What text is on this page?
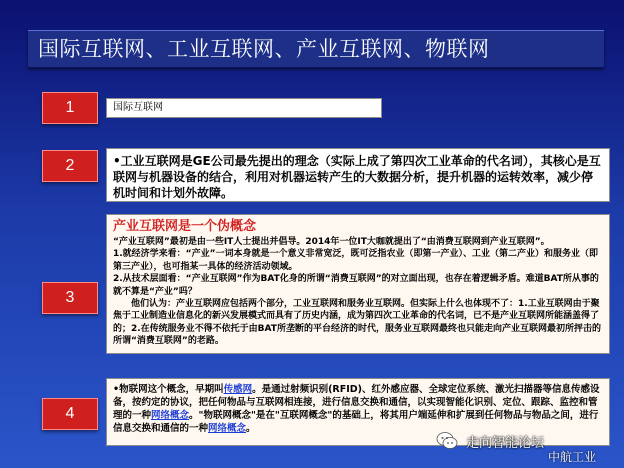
国际互联网、工业互联网、产业互联网、物联网
1	国际互联网
2	•工业互联网是GE公司最先提出的理念（实际上成了第四次工业革命的代名词），其核心是互联网与机器设备的结合，利用对机器运转产生的大数据分析，提升机器的运转效率，减少停机时间和计划外故障。
3
产业互联网是一个伪概念

“产业互联网”最初是由一些IT人士提出并倡导。2014年一位IT大咖就提出了“由消费互联网到产业互联网”。

1.就经济学来看：“产业”一词本身就是一个意义非常宽泛，既可泛指农业（即第一产业）、工业（第二产业）和服务业（即第三产业），也可指某一具体的经济活动领域。

2.从技术层面看：“产业互联网”作为BAT化身的所谓“消费互联网”的对立面出现，也存在着逻辑矛盾。难道BAT所从事的就不算是“产业”吗？

他们认为：产业互联网应包括两个部分，工业互联网和服务业互联网。但实际上什么也体现不了：1.工业互联网由于聚焦于工业制造业信息化的新兴发展模式而具有了历史内涵，成为第四次工业革命的代名词，已不是产业互联网所能涵盖得了的；2.在传统服务业不得不依托于由BAT所垄断的平台经济的时代，服务业互联网最终也只能走向产业互联网最初所抨击的所谓“消费互联网”的老路。

4
•物联网这个概念，早期叫传感网。是通过射频识别(RFID)、红外感应器、全球定位系统、激光扫描器等信息传感设备，按约定的协议，把任何物品与互联网相连接，进行信息交换和通信，以实现智能化识别、定位、跟踪、监控和管理的一种网络概念。"物联网概念"是在"互联网概念"的基础上，将其用户端延伸和扩展到任何物品与物品之间，进行信息交换和通信的一种网络概念。
走向智能论坛
中航工业
